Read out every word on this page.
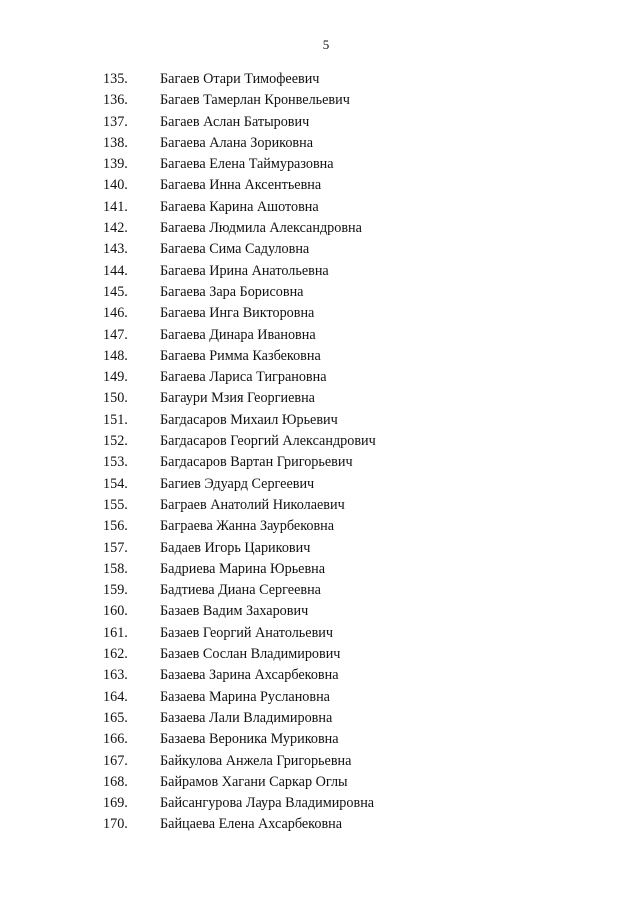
5
135.	Багаев Отари Тимофеевич
136.	Багаев Тамерлан Кронвельевич
137.	Багаев Аслан Батырович
138.	Багаева Алана Зориковна
139.	Багаева Елена Таймуразовна
140.	Багаева Инна Аксентьевна
141.	Багаева Карина Ашотовна
142.	Багаева Людмила Александровна
143.	Багаева Сима Садуловна
144.	Багаева Ирина Анатольевна
145.	Багаева Зара Борисовна
146.	Багаева Инга Викторовна
147.	Багаева Динара Ивановна
148.	Багаева Римма Казбековна
149.	Багаева Лариса Тиграновна
150.	Багаури Мзия Георгиевна
151.	Багдасаров Михаил Юрьевич
152.	Багдасаров Георгий Александрович
153.	Багдасаров Вартан Григорьевич
154.	Багиев Эдуард Сергеевич
155.	Баграев Анатолий Николаевич
156.	Баграева Жанна Заурбековна
157.	Бадаев Игорь Царикович
158.	Бадриева Марина Юрьевна
159.	Бадтиева Диана Сергеевна
160.	Базаев Вадим Захарович
161.	Базаев Георгий Анатольевич
162.	Базаев Сослан Владимирович
163.	Базаева Зарина Ахсарбековна
164.	Базаева Марина Руслановна
165.	Базаева Лали Владимировна
166.	Базаева Вероника Муриковна
167.	Байкулова Анжела Григорьевна
168.	Байрамов Хагани Саркар Оглы
169.	Байсангурова Лаура Владимировна
170.	Байцаева Елена Ахсарбековна
